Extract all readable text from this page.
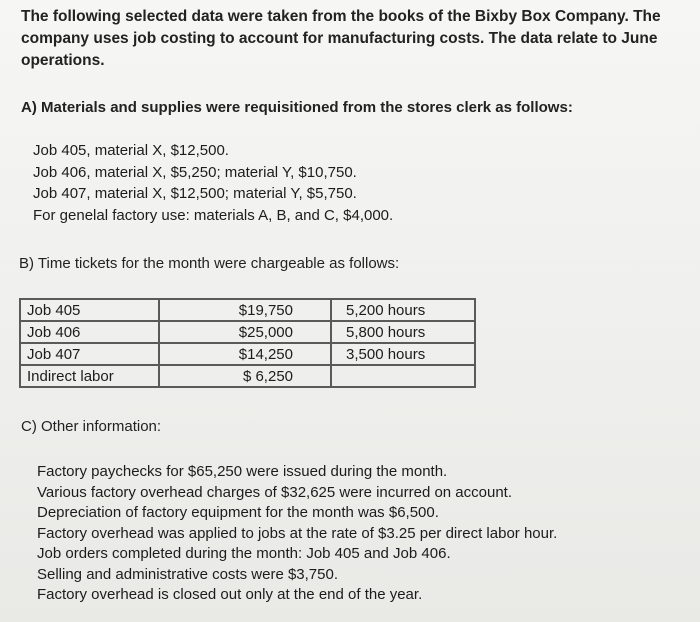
The following selected data were taken from the books of the Bixby Box Company. The company uses job costing to account for manufacturing costs. The data relate to June operations.
A) Materials and supplies were requisitioned from the stores clerk as follows:
Job 405, material X, $12,500.
Job 406, material X, $5,250; material Y, $10,750.
Job 407, material X, $12,500; material Y, $5,750.
For genelal factory use: materials A, B, and C, $4,000.
B) Time tickets for the month were chargeable as follows:
Job 405	$19,750	5,200 hours
Job 406	$25,000	5,800 hours
Job 407	$14,250	3,500 hours
Indirect labor	$ 6,250	
C) Other information:
Factory paychecks for $65,250 were issued during the month.
Various factory overhead charges of $32,625 were incurred on account.
Depreciation of factory equipment for the month was $6,500.
Factory overhead was applied to jobs at the rate of $3.25 per direct labor hour.
Job orders completed during the month: Job 405 and Job 406.
Selling and administrative costs were $3,750.
Factory overhead is closed out only at the end of the year.
